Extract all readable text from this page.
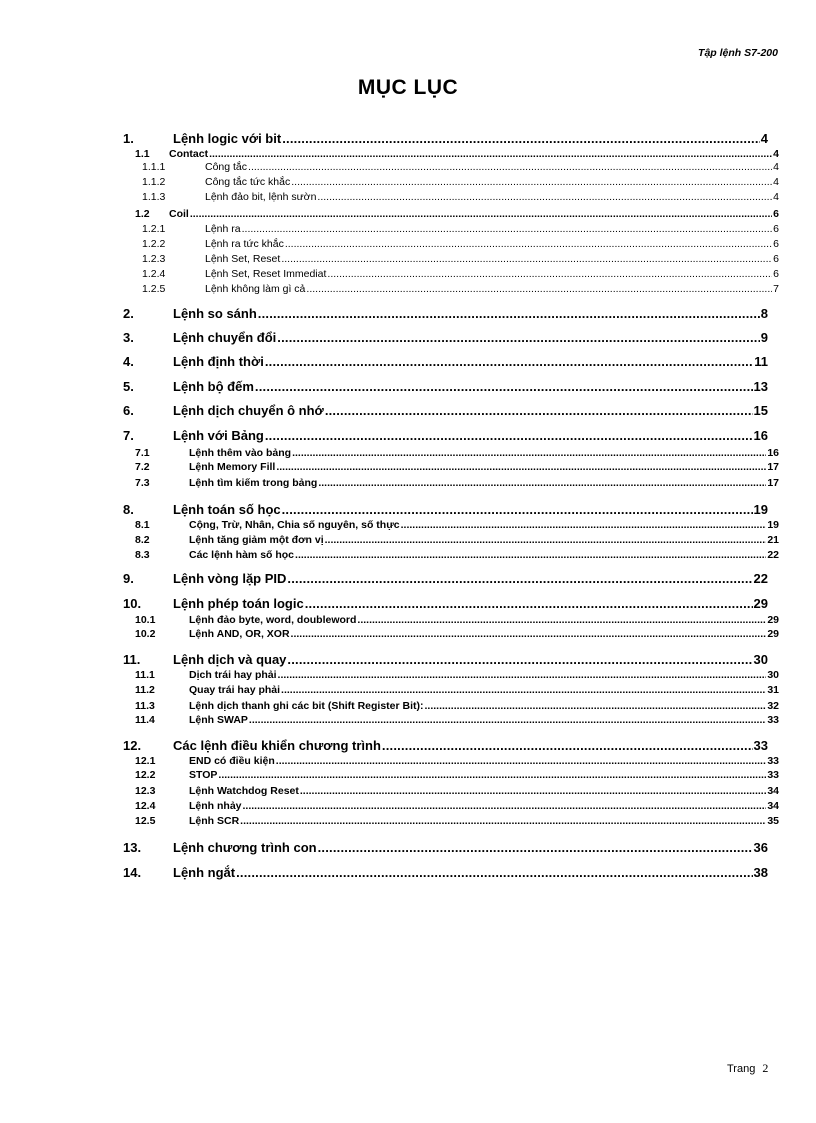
Tập lệnh S7-200
MỤC LỤC
1.	Lệnh logic với bit .....	4
1.1	Contact .....	4
1.1.1	Công tắc .....	4
1.1.2	Công tắc tức khắc .....	4
1.1.3	Lệnh đảo bit, lệnh sườn .....	4
1.2	Coil .....	6
1.2.1	Lệnh ra .....	6
1.2.2	Lệnh ra tức khắc .....	6
1.2.3	Lệnh Set, Reset .....	6
1.2.4	Lệnh Set, Reset Immediat .....	6
1.2.5	Lệnh không làm gì cả .....	7
2.	Lệnh so sánh .....	8
3.	Lệnh chuyển đổi .....	9
4.	Lệnh định thời .....	11
5.	Lệnh bộ đếm .....	13
6.	Lệnh dịch chuyển ô nhớ .....	15
7.	Lệnh với Bảng .....	16
7.1	Lệnh thêm vào bảng .....	16
7.2	Lệnh Memory Fill .....	17
7.3	Lệnh tìm kiếm trong bảng .....	17
8.	Lệnh toán số học .....	19
8.1	Cộng, Trừ, Nhân, Chia số nguyên, số thực .....	19
8.2	Lệnh tăng giảm một đơn vị .....	21
8.3	Các lệnh hàm số học .....	22
9.	Lệnh vòng lặp PID .....	22
10.	Lệnh phép toán logic .....	29
10.1	Lệnh đảo byte, word, doubleword .....	29
10.2	Lệnh AND, OR, XOR .....	29
11.	Lệnh dịch và quay .....	30
11.1	Dịch trái hay phải .....	30
11.2	Quay trái hay phải .....	31
11.3	Lệnh dịch thanh ghi các bit (Shift Register Bit): .....	32
11.4	Lệnh SWAP .....	33
12.	Các lệnh điều khiển chương trình .....	33
12.1	END có điều kiện .....	33
12.2	STOP .....	33
12.3	Lệnh Watchdog Reset .....	34
12.4	Lệnh nhảy .....	34
12.5	Lệnh SCR .....	35
13.	Lệnh chương trình con .....	36
14.	Lệnh ngắt .....	38
Trang 2
